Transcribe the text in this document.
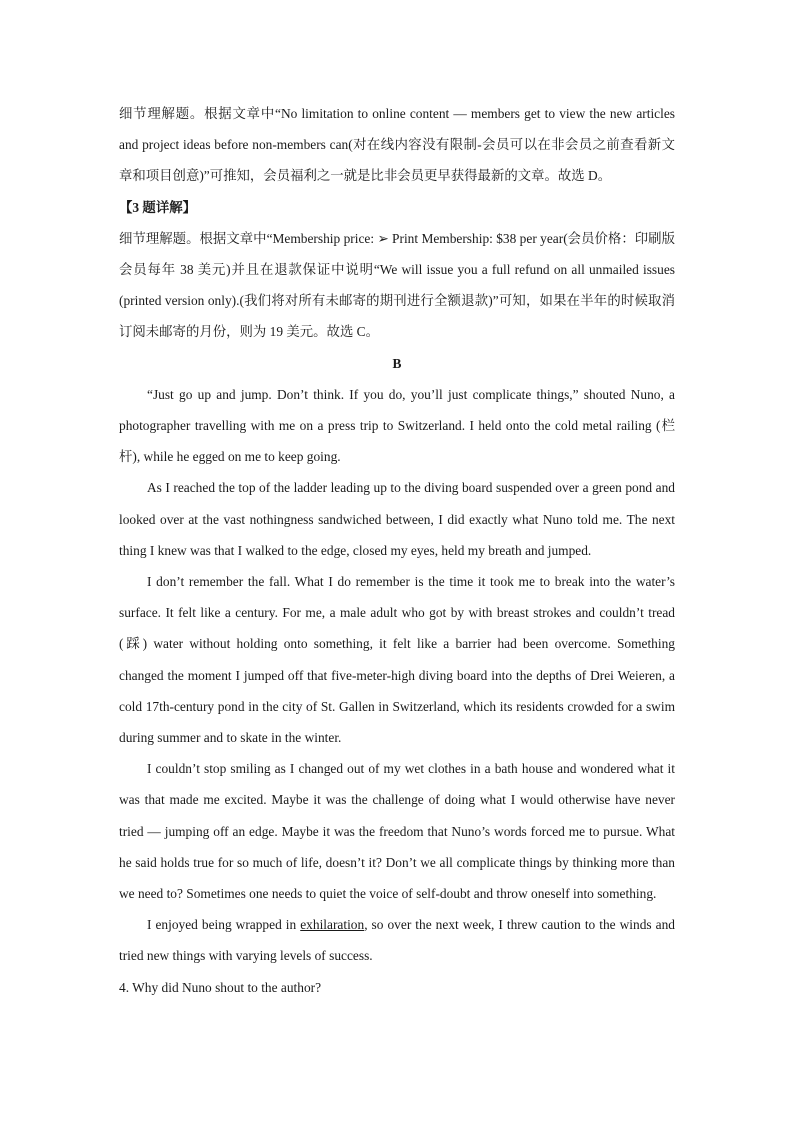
细节理解题。根据文章中“No limitation to online content — members get to view the new articles and project ideas before non-members can(对在线内容没有限制-会员可以在非会员之前查看新文章和项目创意)”可推知，会员福利之一就是比非会员更早获得最新的文章。故选 D。

【3 题详解】

细节理解题。根据文章中“Membership price: ➢ Print Membership: $38 per year(会员价格：印刷版会员每年 38 美元)并且在退款保证中说明“We will issue you a full refund on all unmailed issues (printed version only).(我们将对所有未邮寄的期刊进行全额退款)”可知，如果在半年的时候取消订阅未邮寄的月份，则为 19 美元。故选 C。

B

“Just go up and jump. Don’t think. If you do, you’ll just complicate things,” shouted Nuno, a photographer travelling with me on a press trip to Switzerland. I held onto the cold metal railing (栏杆), while he egged on me to keep going.

As I reached the top of the ladder leading up to the diving board suspended over a green pond and looked over at the vast nothingness sandwiched between, I did exactly what Nuno told me. The next thing I knew was that I walked to the edge, closed my eyes, held my breath and jumped.

I don’t remember the fall. What I do remember is the time it took me to break into the water’s surface. It felt like a century. For me, a male adult who got by with breast strokes and couldn’t tread (踩) water without holding onto something, it felt like a barrier had been overcome. Something changed the moment I jumped off that five-meter-high diving board into the depths of Drei Weieren, a cold 17th-century pond in the city of St. Gallen in Switzerland, which its residents crowded for a swim during summer and to skate in the winter.

I couldn’t stop smiling as I changed out of my wet clothes in a bath house and wondered what it was that made me excited. Maybe it was the challenge of doing what I would otherwise have never tried — jumping off an edge. Maybe it was the freedom that Nuno’s words forced me to pursue. What he said holds true for so much of life, doesn’t it? Don’t we all complicate things by thinking more than we need to? Sometimes one needs to quiet the voice of self-doubt and throw oneself into something.

I enjoyed being wrapped in exhilaration, so over the next week, I threw caution to the winds and tried new things with varying levels of success.

4. Why did Nuno shout to the author?
